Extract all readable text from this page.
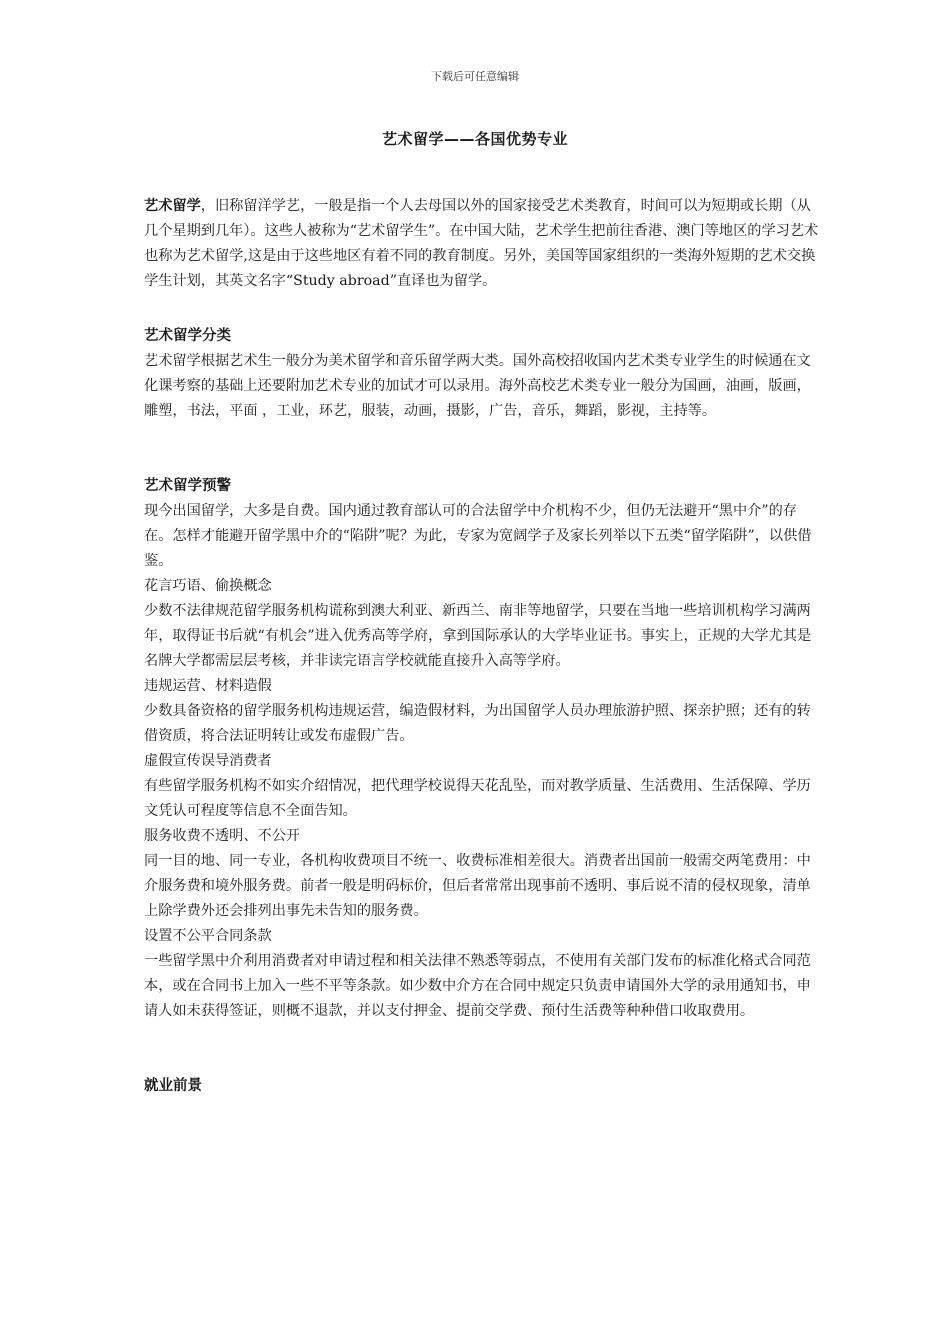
下载后可任意编辑
艺术留学——各国优势专业

艺术留学，旧称留洋学艺，一般是指一个人去母国以外的国家接受艺术类教育，时间可以为短期或长期（从几个星期到几年）。这些人被称为“艺术留学生”。在中国大陆，艺术学生把前往香港、澳门等地区的学习艺术也称为艺术留学,这是由于这些地区有着不同的教育制度。另外，美国等国家组织的一类海外短期的艺术交换学生计划，其英文名字“Study abroad”直译也为留学。

艺术留学分类

艺术留学根据艺术生一般分为美术留学和音乐留学两大类。国外高校招收国内艺术类专业学生的时候通在文化课考察的基础上还要附加艺术专业的加试才可以录用。海外高校艺术类专业一般分为国画，油画，版画，雕塑，书法，平面 ，工业，环艺，服装，动画，摄影，广告，音乐，舞蹈，影视，主持等。

艺术留学预警

现今出国留学，大多是自费。国内通过教育部认可的合法留学中介机构不少，但仍无法避开“黑中介”的存在。怎样才能避开留学黑中介的“陷阱”呢？为此，专家为宽阔学子及家长列举以下五类“留学陷阱”，以供借鉴。

花言巧语、偷换概念

少数不法律规范留学服务机构谎称到澳大利亚、新西兰、南非等地留学，只要在当地一些培训机构学习满两年，取得证书后就“有机会”进入优秀高等学府，拿到国际承认的大学毕业证书。事实上，正规的大学尤其是名牌大学都需层层考核，并非读完语言学校就能直接升入高等学府。

违规运营、材料造假

少数具备资格的留学服务机构违规运营，编造假材料，为出国留学人员办理旅游护照、探亲护照；还有的转借资质，将合法证明转让或发布虚假广告。

虚假宣传误导消费者

有些留学服务机构不如实介绍情况，把代理学校说得天花乱坠，而对教学质量、生活费用、生活保障、学历文凭认可程度等信息不全面告知。

服务收费不透明、不公开

同一目的地、同一专业，各机构收费项目不统一、收费标准相差很大。消费者出国前一般需交两笔费用：中介服务费和境外服务费。前者一般是明码标价，但后者常常出现事前不透明、事后说不清的侵权现象，清单上除学费外还会排列出事先未告知的服务费。

设置不公平合同条款

一些留学黑中介利用消费者对申请过程和相关法律不熟悉等弱点，不使用有关部门发布的标准化格式合同范本，或在合同书上加入一些不平等条款。如少数中介方在合同中规定只负责申请国外大学的录用通知书，申请人如未获得签证，则概不退款，并以支付押金、提前交学费、预付生活费等种种借口收取费用。

就业前景
